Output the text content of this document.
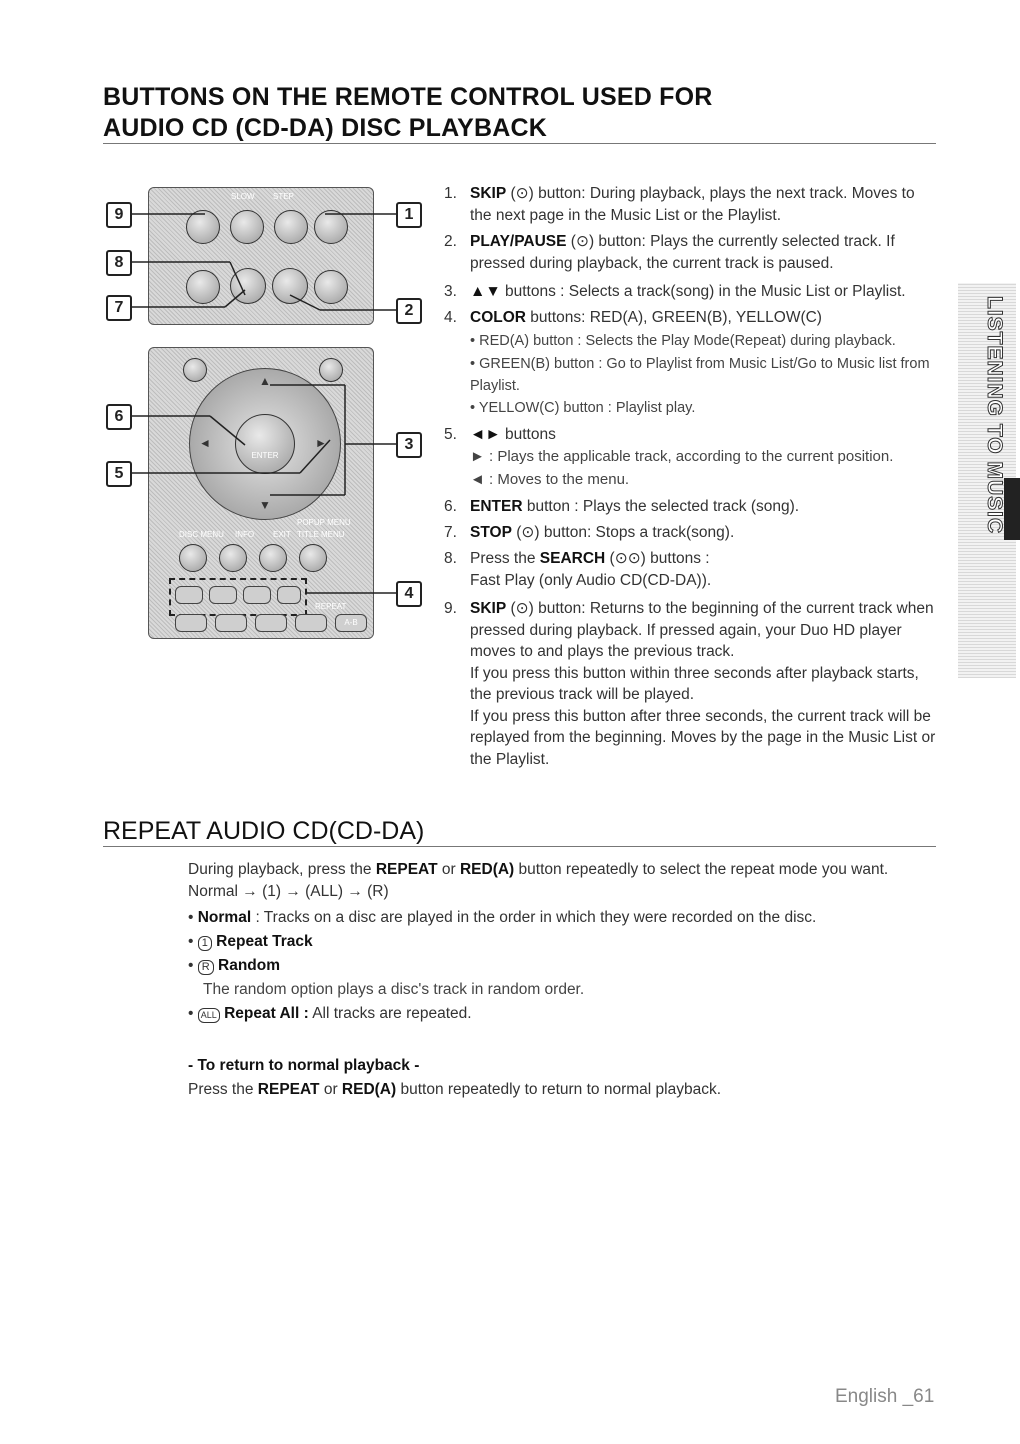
BUTTONS ON THE REMOTE CONTROL USED FOR
AUDIO CD (CD-DA) DISC PLAYBACK
SLOW STEP
ENTER
▲
▼
◄	►
POPUP MENU
DISC MENU INFO EXIT TITLE MENU
REPEAT
A-B
9
8
7
6
5
1
2
3
4
1. SKIP (⊙) button: During playback, plays the next track. Moves to the next page in the Music List or the Playlist.
2. PLAY/PAUSE (⊙) button: Plays the currently selected track. If pressed during playback, the current track is paused.
3. ▲▼ buttons : Selects a track(song) in the Music List or Playlist.
4. COLOR buttons: RED(A), GREEN(B), YELLOW(C)
• RED(A) button : Selects the Play Mode(Repeat) during playback.
• GREEN(B) button : Go to Playlist from Music List/Go to Music list from Playlist.
• YELLOW(C) button : Playlist play.
5. ◄► buttons
► : Plays the applicable track, according to the current position.
◄ : Moves to the menu.
6. ENTER button : Plays the selected track (song).
7. STOP (⊙) button: Stops a track(song).
8. Press the SEARCH (⊙⊙) buttons :
Fast Play (only Audio CD(CD-DA)).
9. SKIP (⊙) button: Returns to the beginning of the current track when pressed during playback. If pressed again, your Duo HD player moves to and plays the previous track.
If you press this button within three seconds after playback starts, the previous track will be played.
If you press this button after three seconds, the current track will be replayed from the beginning. Moves by the page in the Music List or the Playlist.
LISTENING TO MUSIC
REPEAT AUDIO CD(CD-DA)
During playback, press the REPEAT or RED(A) button repeatedly to select the repeat mode you want.
Normal → (1) → (ALL) → (R)
• Normal : Tracks on a disc are played in the order in which they were recorded on the disc.
• 1 Repeat Track
• R Random
The random option plays a disc's track in random order.
• ALL Repeat All : All tracks are repeated.
- To return to normal playback -
Press the REPEAT or RED(A) button repeatedly to return to normal playback.
English _61
